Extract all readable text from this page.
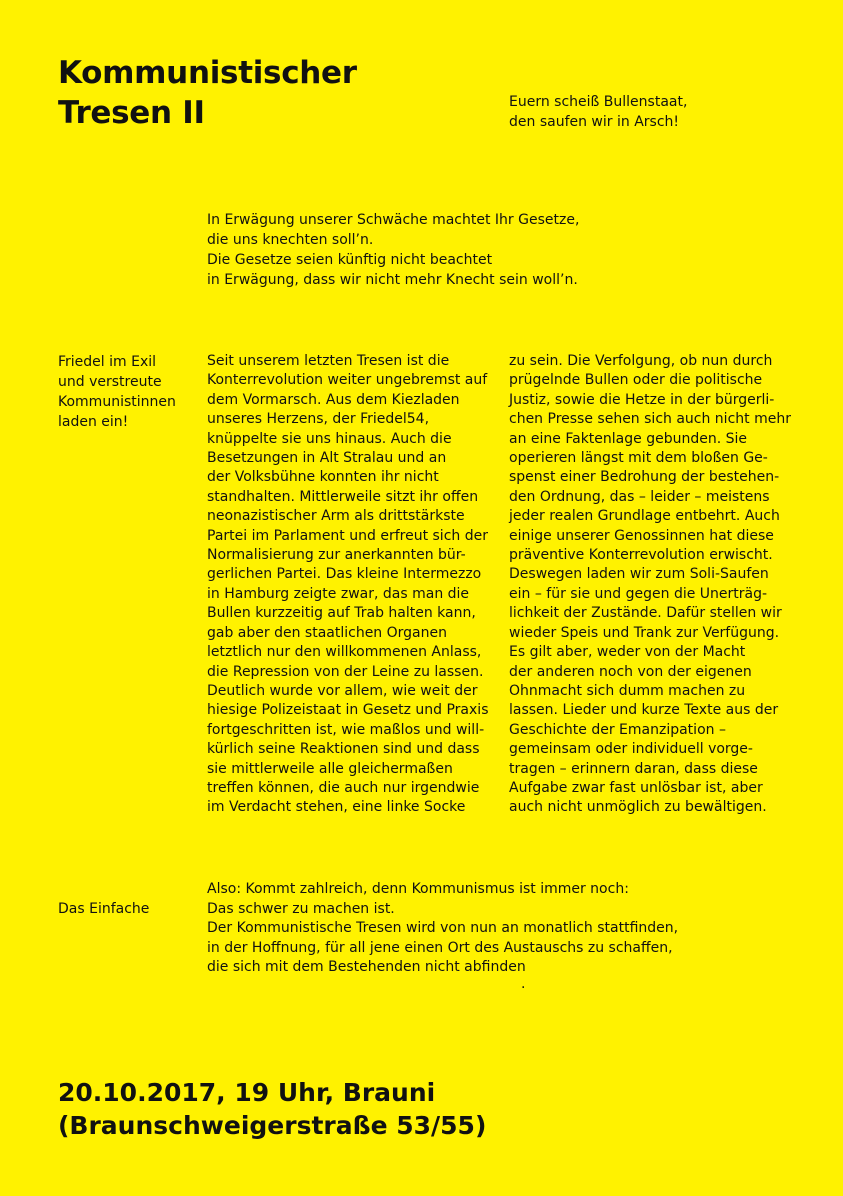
Kommunistischer
Tresen II	Euern scheiß Bullenstaat,
den saufen wir in Arsch!
In Erwägung unserer Schwäche machtet Ihr Gesetze,
die uns knechten soll’n.
Die Gesetze seien künftig nicht beachtet
in Erwägung, dass wir nicht mehr Knecht sein woll’n.
Friedel im Exil
und verstreute
Kommunistinnen
laden ein!
Seit unserem letzten Tresen ist die
Konterrevolution weiter ungebremst auf
dem Vormarsch. Aus dem Kiezladen
unseres Herzens, der Friedel54,
knüppelte sie uns hinaus. Auch die
Besetzungen in Alt Stralau und an
der Volksbühne konnten ihr nicht
standhalten. Mittlerweile sitzt ihr offen
neonazistischer Arm als drittstärkste
Partei im Parlament und erfreut sich der
Normalisierung zur anerkannten bür-
gerlichen Partei. Das kleine Intermezzo
in Hamburg zeigte zwar, das man die
Bullen kurzzeitig auf Trab halten kann,
gab aber den staatlichen Organen
letztlich nur den willkommenen Anlass,
die Repression von der Leine zu lassen.
Deutlich wurde vor allem, wie weit der
hiesige Polizeistaat in Gesetz und Praxis
fortgeschritten ist, wie maßlos und will-
kürlich seine Reaktionen sind und dass
sie mittlerweile alle gleichermaßen
treffen können, die auch nur irgendwie
im Verdacht stehen, eine linke Socke
zu sein. Die Verfolgung, ob nun durch
prügelnde Bullen oder die politische
Justiz, sowie die Hetze in der bürgerli-
chen Presse sehen sich auch nicht mehr
an eine Faktenlage gebunden. Sie
operieren längst mit dem bloßen Ge-
spenst einer Bedrohung der bestehen-
den Ordnung, das – leider – meistens
jeder realen Grundlage entbehrt. Auch
einige unserer Genossinnen hat diese
präventive Konterrevolution erwischt.
Deswegen laden wir zum Soli-Saufen
ein – für sie und gegen die Unerträg-
lichkeit der Zustände. Dafür stellen wir
wieder Speis und Trank zur Verfügung.
Es gilt aber, weder von der Macht
der anderen noch von der eigenen
Ohnmacht sich dumm machen zu
lassen. Lieder und kurze Texte aus der
Geschichte der Emanzipation –
gemeinsam oder individuell vorge-
tragen – erinnern daran, dass diese
Aufgabe zwar fast unlösbar ist, aber
auch nicht unmöglich zu bewältigen.
Das Einfache
Also: Kommt zahlreich, denn Kommunismus ist immer noch:
Das schwer zu machen ist.
Der Kommunistische Tresen wird von nun an monatlich stattfinden,
in der Hoffnung, für all jene einen Ort des Austauschs zu schaffen,
die sich mit dem Bestehenden nicht abfinden
.
20.10.2017, 19 Uhr, Brauni
(Braunschweigerstraße 53/55)
